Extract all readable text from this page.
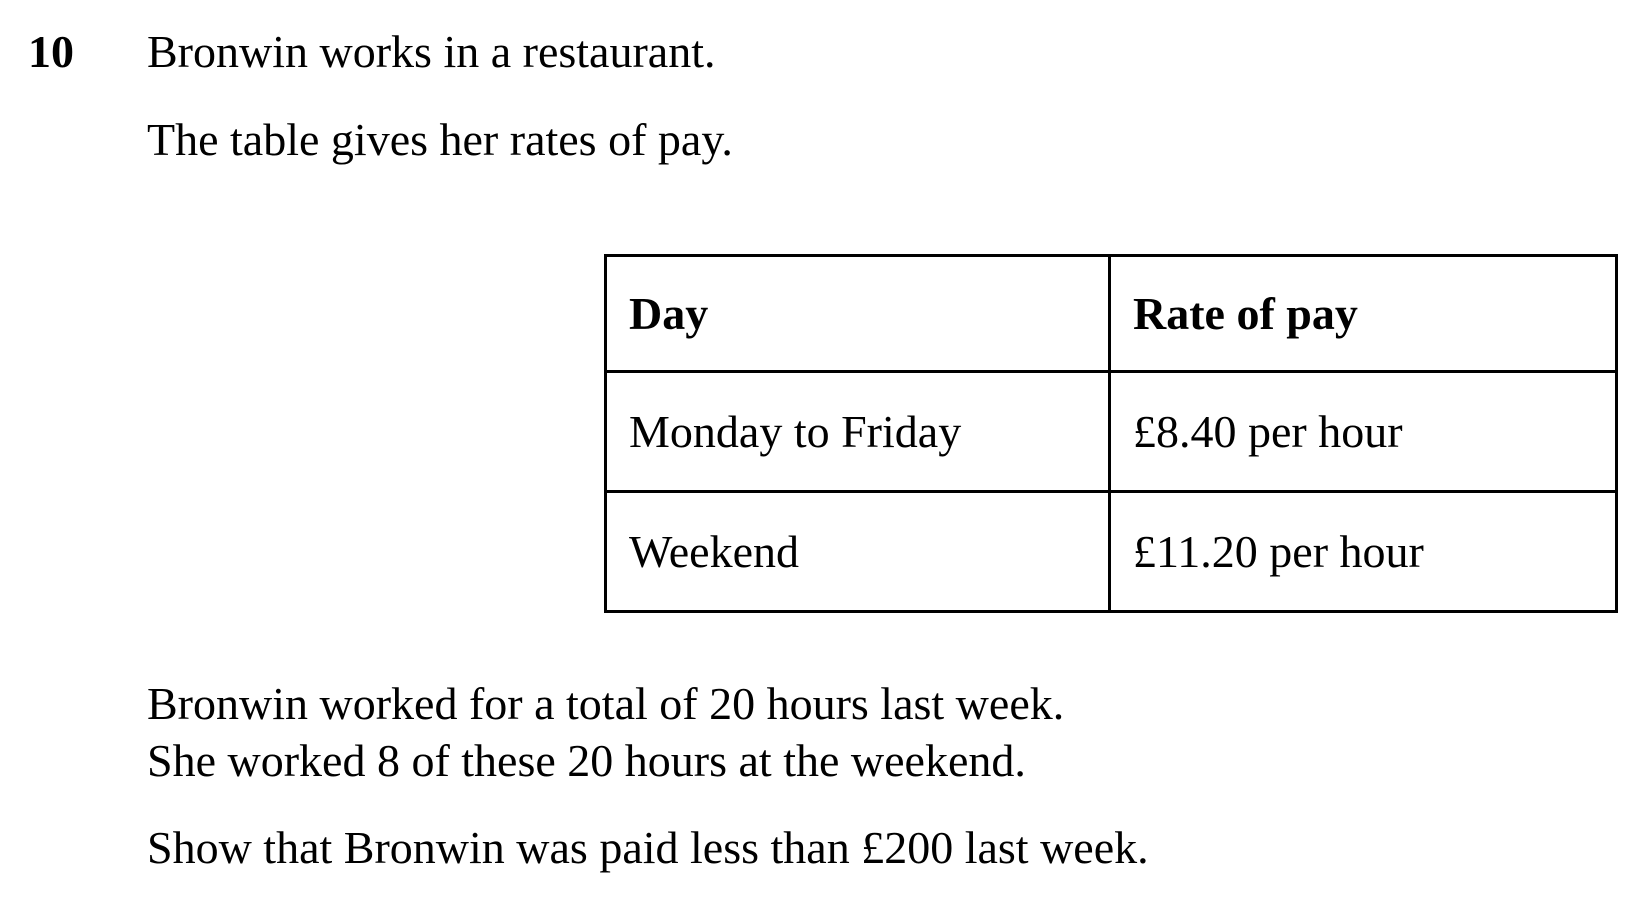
10 Bronwin works in a restaurant.
The table gives her rates of pay.
Day	Rate of pay
Monday to Friday	£8.40 per hour
Weekend	£11.20 per hour
Bronwin worked for a total of 20 hours last week.
She worked 8 of these 20 hours at the weekend.
Show that Bronwin was paid less than £200 last week.
